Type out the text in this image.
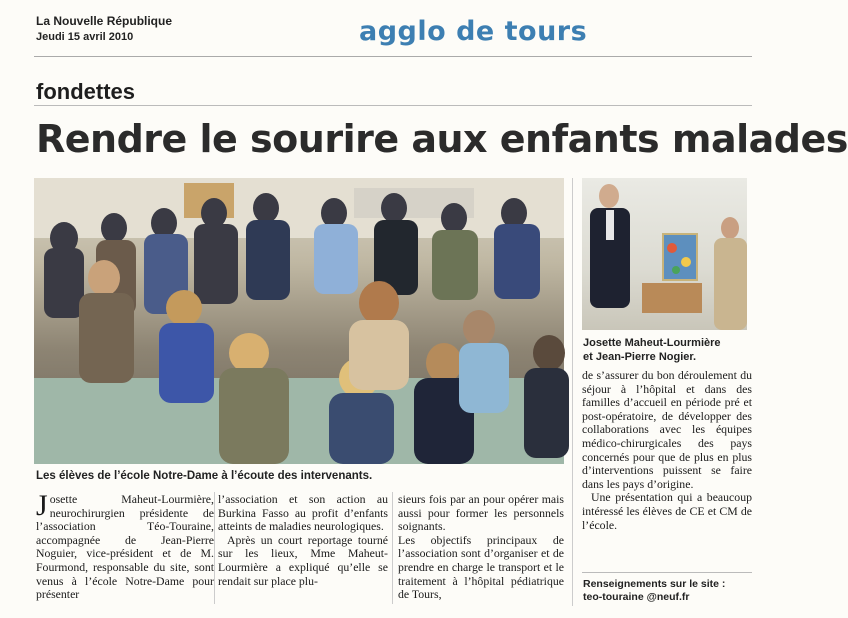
La Nouvelle République
Jeudi 15 avril 2010	agglo de tours
fondettes
Rendre le sourire aux enfants malades
Les élèves de l’école Notre-Dame à l’écoute des intervenants.
Josette Maheut-Lourmière
et Jean-Pierre Nogier.

Josette Maheut-Lourmière, neurochirurgien présidente de l’association Téo-Touraine, accompagnée de Jean-Pierre Noguier, vice-président et de M. Fourmond, responsable du site, sont venus à l’école Notre-Dame pour présenter

l’association et son action au Burkina Fasso au profit d’enfants atteints de maladies neurologiques.

Après un court reportage tourné sur les lieux, Mme Maheut-Lourmière a expliqué qu’elle se rendait sur place plu-

sieurs fois par an pour opérer mais aussi pour former les personnels soignants.

Les objectifs principaux de l’association sont d’organiser et de prendre en charge le transport et le traitement à l’hôpital pédiatrique de Tours,

de s’assurer du bon déroulement du séjour à l’hôpital et dans des familles d’accueil en période pré et post-opératoire, de développer des collaborations avec les équipes médico-chirurgicales des pays concernés pour que de plus en plus d’interventions puissent se faire dans les pays d’origine.

Une présentation qui a beaucoup intéressé les élèves de CE et CM de l’école.

Renseignements sur le site :
teo-touraine @neuf.fr
